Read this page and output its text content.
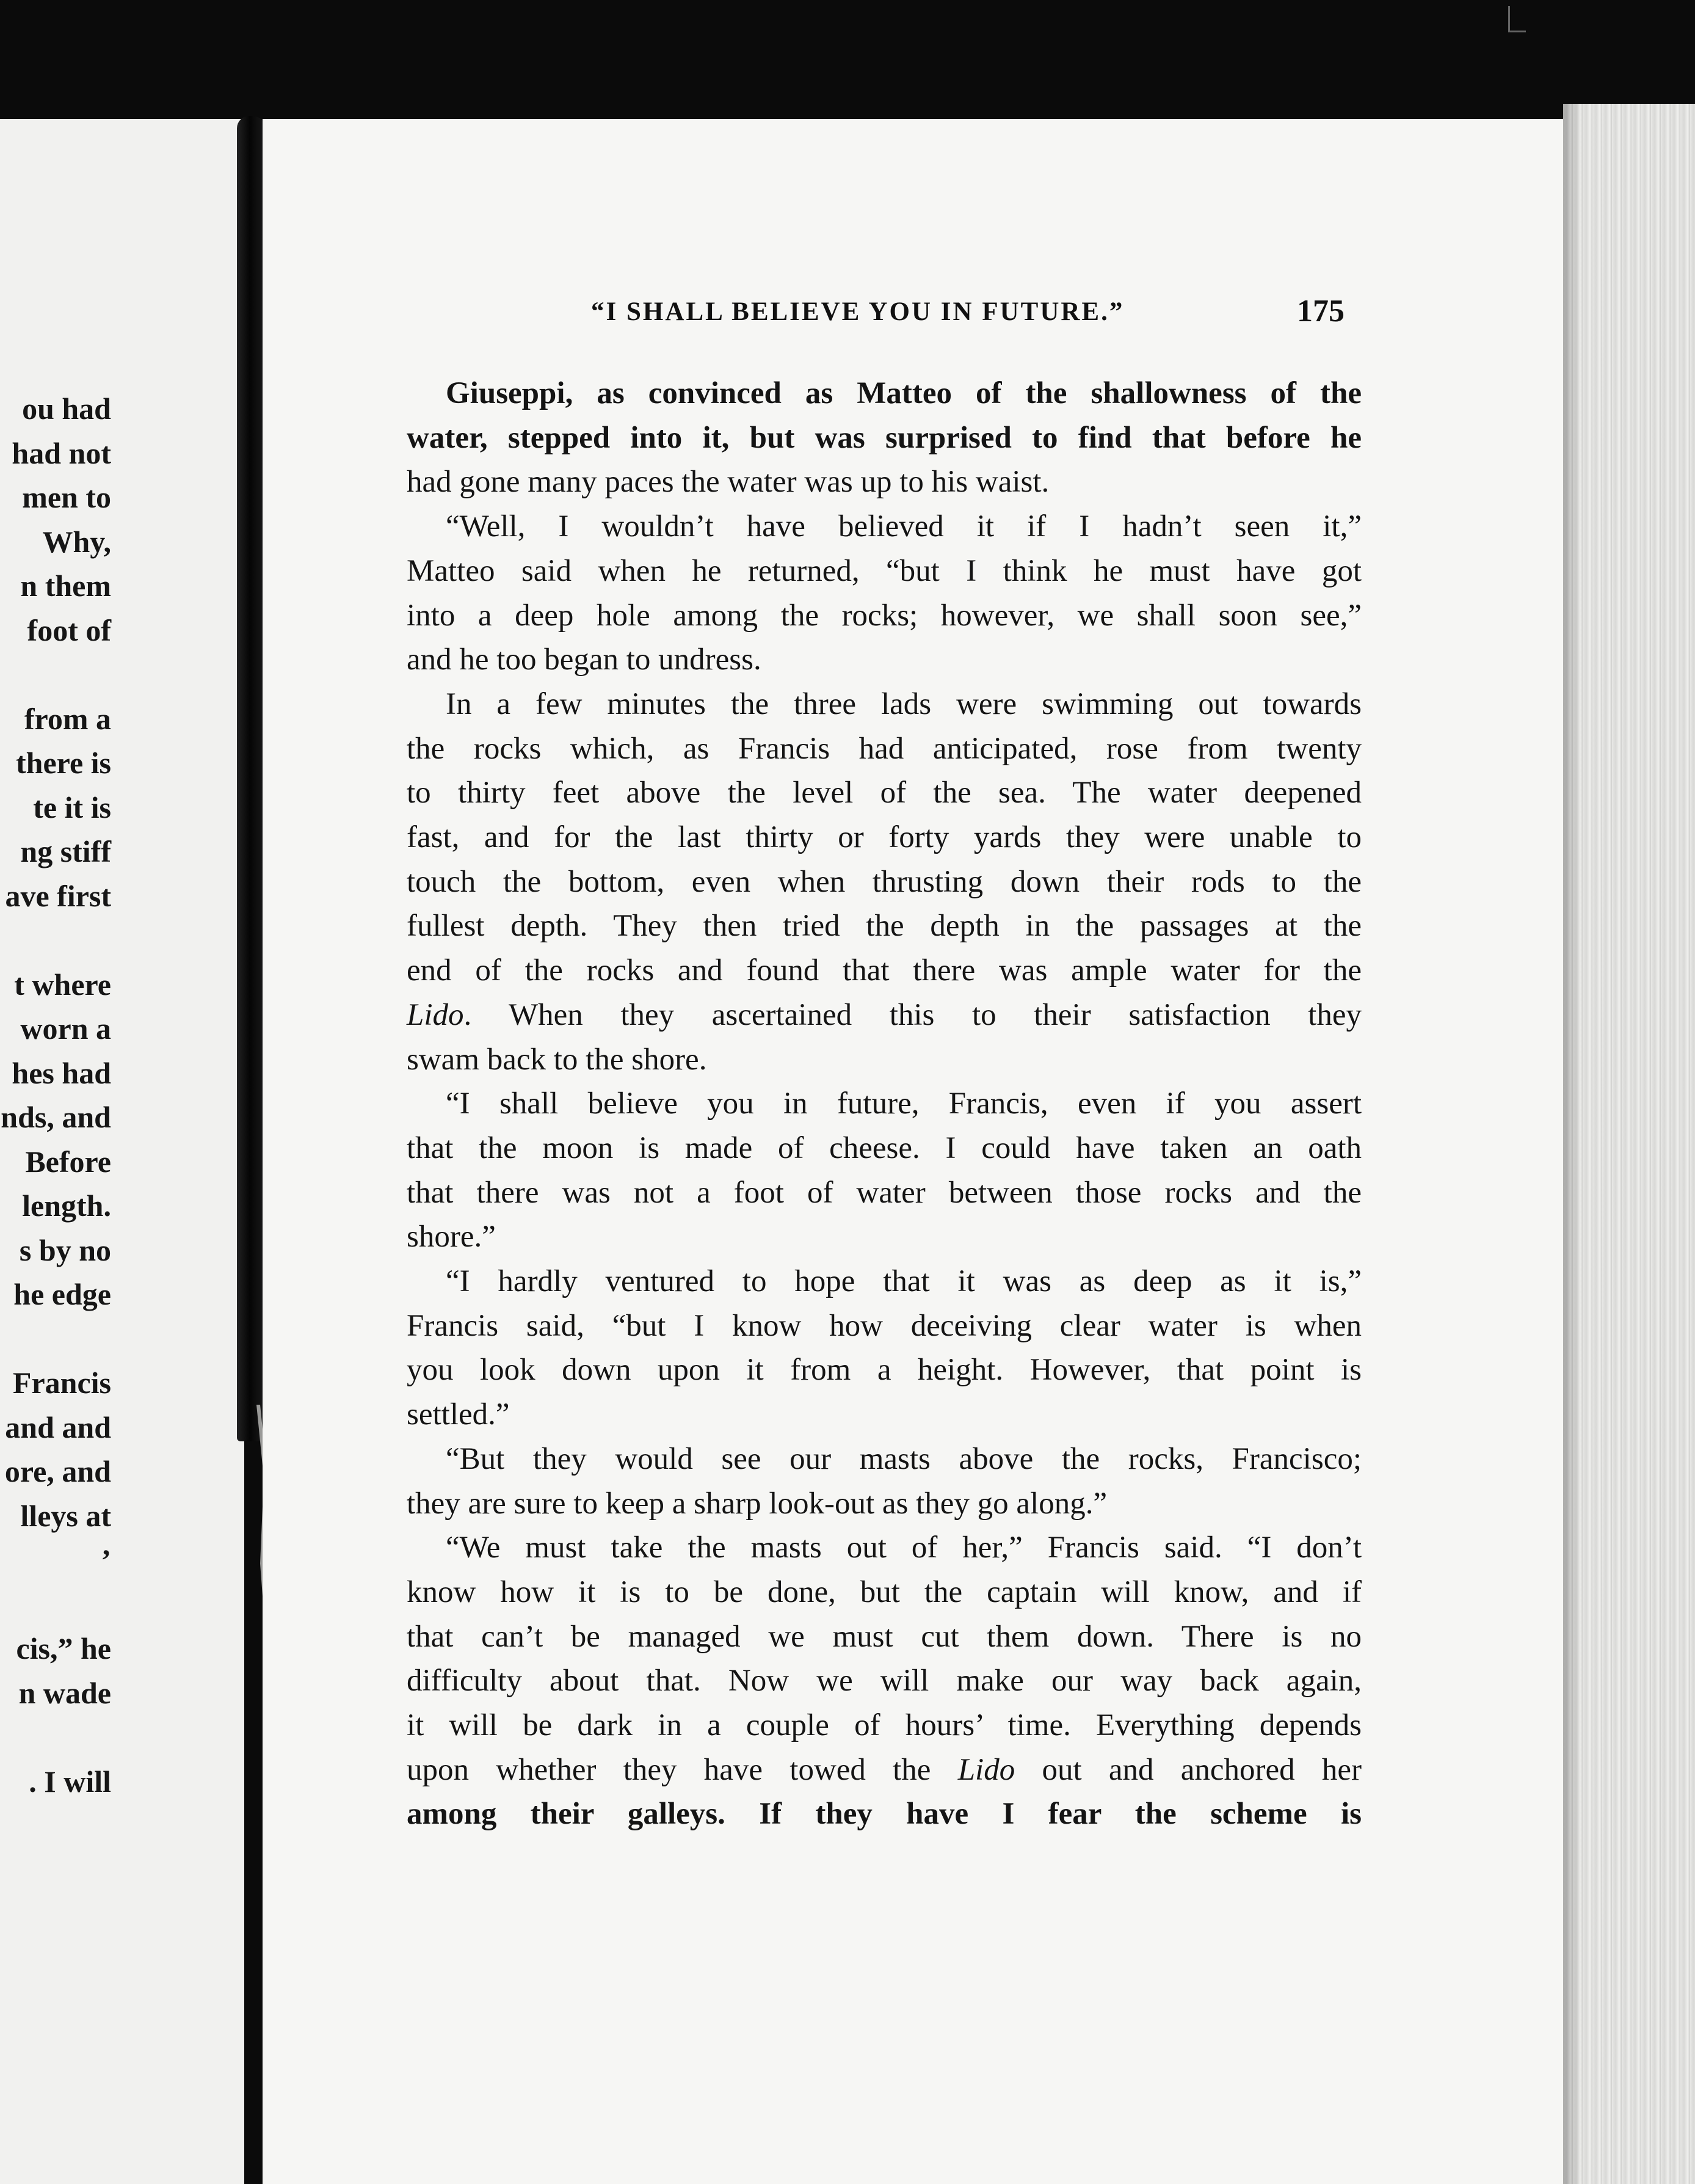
ou had
had not
men to
Why,
n them
foot of
from a
there is
te it is
ng stiff
ave first
t where
worn a
hes had
nds, and
Before
length.
s by no
he edge
Francis
and and
ore, and
lleys at
’
cis,” he
n wade
. I will
“I SHALL BELIEVE YOU IN FUTURE.”	175
Giuseppi, as convinced as Matteo of the shallowness of the
water, stepped into it, but was surprised to find that before he
had gone many paces the water was up to his waist.
“Well, I wouldn’t have believed it if I hadn’t seen it,”
Matteo said when he returned, “but I think he must have got
into a deep hole among the rocks; however, we shall soon see,”
and he too began to undress.
In a few minutes the three lads were swimming out towards
the rocks which, as Francis had anticipated, rose from twenty
to thirty feet above the level of the sea. The water deepened
fast, and for the last thirty or forty yards they were unable to
touch the bottom, even when thrusting down their rods to the
fullest depth. They then tried the depth in the passages at the
end of the rocks and found that there was ample water for the
Lido. When they ascertained this to their satisfaction they
swam back to the shore.
“I shall believe you in future, Francis, even if you assert
that the moon is made of cheese. I could have taken an oath
that there was not a foot of water between those rocks and the
shore.”
“I hardly ventured to hope that it was as deep as it is,”
Francis said, “but I know how deceiving clear water is when
you look down upon it from a height. However, that point is
settled.”
“But they would see our masts above the rocks, Francisco;
they are sure to keep a sharp look-out as they go along.”
“We must take the masts out of her,” Francis said. “I don’t
know how it is to be done, but the captain will know, and if
that can’t be managed we must cut them down. There is no
difficulty about that. Now we will make our way back again,
it will be dark in a couple of hours’ time. Everything depends
upon whether they have towed the Lido out and anchored her
among their galleys. If they have I fear the scheme is
